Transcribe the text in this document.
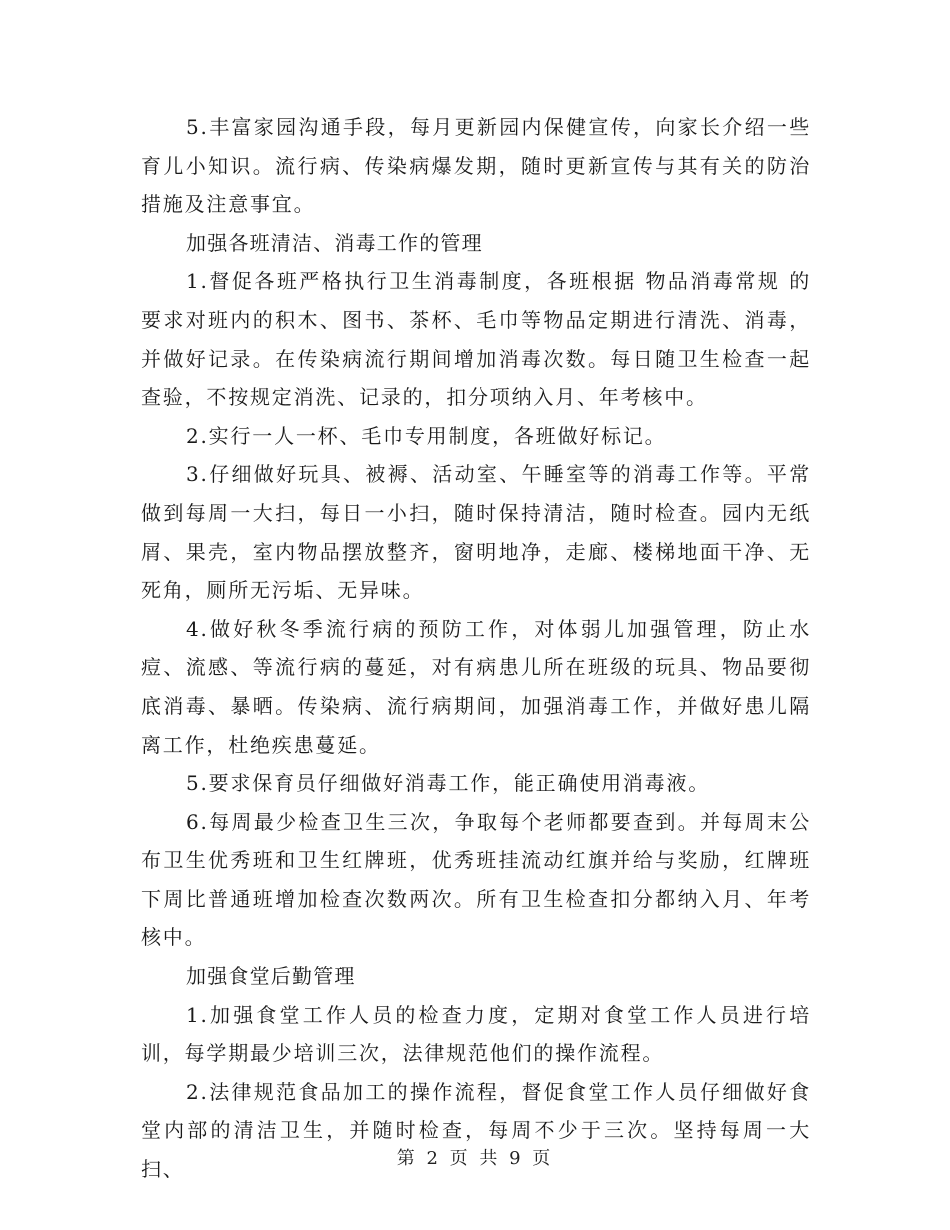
5.丰富家园沟通手段，每月更新园内保健宣传，向家长介绍一些育儿小知识。流行病、传染病爆发期，随时更新宣传与其有关的防治措施及注意事宜。

加强各班清洁、消毒工作的管理

1.督促各班严格执行卫生消毒制度，各班根据 物品消毒常规 的要求对班内的积木、图书、茶杯、毛巾等物品定期进行清洗、消毒，并做好记录。在传染病流行期间增加消毒次数。每日随卫生检查一起查验，不按规定消洗、记录的，扣分项纳入月、年考核中。

2.实行一人一杯、毛巾专用制度，各班做好标记。

3.仔细做好玩具、被褥、活动室、午睡室等的消毒工作等。平常做到每周一大扫，每日一小扫，随时保持清洁，随时检查。园内无纸屑、果壳，室内物品摆放整齐，窗明地净，走廊、楼梯地面干净、无死角，厕所无污垢、无异味。

4.做好秋冬季流行病的预防工作，对体弱儿加强管理，防止水痘、流感、等流行病的蔓延，对有病患儿所在班级的玩具、物品要彻底消毒、暴晒。传染病、流行病期间，加强消毒工作，并做好患儿隔离工作，杜绝疾患蔓延。

5.要求保育员仔细做好消毒工作，能正确使用消毒液。

6.每周最少检查卫生三次，争取每个老师都要查到。并每周末公布卫生优秀班和卫生红牌班，优秀班挂流动红旗并给与奖励，红牌班下周比普通班增加检查次数两次。所有卫生检查扣分都纳入月、年考核中。

加强食堂后勤管理

1.加强食堂工作人员的检查力度，定期对食堂工作人员进行培训，每学期最少培训三次，法律规范他们的操作流程。

2.法律规范食品加工的操作流程，督促食堂工作人员仔细做好食堂内部的清洁卫生，并随时检查，每周不少于三次。坚持每周一大扫、	第 2 页 共 9 页
